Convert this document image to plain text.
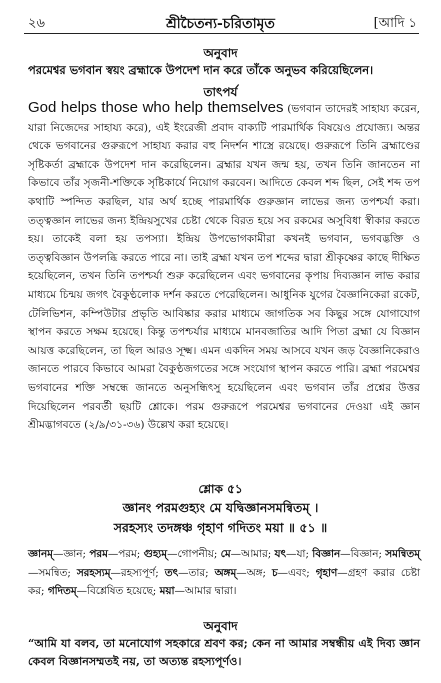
২৬	শ্রীচৈতন্য-চরিতামৃত	[আদি ১
অনুবাদ
পরমেশ্বর ভগবান স্বয়ং ব্রহ্মাকে উপদেশ দান করে তাঁকে অনুভব করিয়েছিলেন।
তাৎপর্য

God helps those who help themselves (ভগবান তাদেরই সাহায্য করেন, যারা নিজেদের সাহায্য করে), এই ইংরেজী প্রবাদ বাক্যটি পারমার্থিক বিষয়েও প্রযোজ্য। অন্তর থেকে ভগবানের গুরুরূপে সাহায্য করার বহু নিদর্শন শাস্ত্রে রয়েছে। গুরুরূপে তিনি ব্রহ্মাণ্ডের সৃষ্টিকর্তা ব্রহ্মাকে উপদেশ দান করেছিলেন। ব্রহ্মার যখন জন্ম হয়, তখন তিনি জানতেন না কিভাবে তাঁর সৃজনী-শক্তিকে সৃষ্টিকার্যে নিয়োগ করবেন। আদিতে কেবল শব্দ ছিল, সেই শব্দ তপ কথাটি স্পন্দিত করছিল, যার অর্থ হচ্ছে পারমার্থিক গুরুজ্ঞান লাভের জন্য তপশ্চর্যা করা। তত্ত্বজ্ঞান লাভের জন্য ইন্দ্রিয়সুখের চেষ্টা থেকে বিরত হয়ে সব রকমের অসুবিধা স্বীকার করতে হয়। তাকেই বলা হয় তপস্যা। ইন্দ্রিয় উপভোগকামীরা কখনই ভগবান, ভগবদ্ভক্তি ও তত্ত্ববিজ্ঞান উপলব্ধি করতে পারে না। তাই ব্রহ্মা যখন তপ শব্দের দ্বারা শ্রীকৃষ্ণের কাছে দীক্ষিত হয়েছিলেন, তখন তিনি তপশ্চর্যা শুরু করেছিলেন এবং ভগবানের কৃপায় দিব্যজ্ঞান লাভ করার মাধ্যমে চিন্ময় জগৎ বৈকুণ্ঠলোক দর্শন করতে পেরেছিলেন। আধুনিক যুগের বৈজ্ঞানিকেরা রকেট, টেলিভিশন, কম্পিউটার প্রভৃতি আবিষ্কার করার মাধ্যমে জাগতিক সব কিছুর সঙ্গে যোগাযোগ স্থাপন করতে সক্ষম হয়েছে। কিন্তু তপশ্চর্যার মাধ্যমে মানবজাতির আদি পিতা ব্রহ্মা যে বিজ্ঞান আয়ত্ত করেছিলেন, তা ছিল আরও সূক্ষ্ম। এমন একদিন সময় আসবে যখন জড় বৈজ্ঞানিকেরাও জানতে পারবে কিভাবে আমরা বৈকুণ্ঠজগতের সঙ্গে সংযোগ স্থাপন করতে পারি। ব্রহ্মা পরমেশ্বর ভগবানের শক্তি সম্বন্ধে জানতে অনুসন্ধিৎসু হয়েছিলেন এবং ভগবান তাঁর প্রশ্নের উত্তর দিয়েছিলেন পরবর্তী ছয়টি শ্লোকে। পরম গুরুরূপে পরমেশ্বর ভগবানের দেওয়া এই জ্ঞান শ্রীমদ্ভাগবতে (২/৯/৩১-৩৬) উল্লেখ করা হয়েছে।

শ্লোক ৫১
জ্ঞানং পরমগুহ্যং মে যদ্বিজ্ঞানসমন্বিতম্ ।
সরহস্যং তদঙ্গঞ্চ গৃহাণ গদিতং ময়া ॥ ৫১ ॥
জ্ঞানম্—জ্ঞান; পরম—পরম; গুহ্যম্—গোপনীয়; মে—আমার; যৎ—যা; বিজ্ঞান—বিজ্ঞান; সমন্বিতম্—সমন্বিত; সরহস্যম্—রহস্যপূর্ণ; তৎ—তার; অঙ্গম্—অঙ্গ; চ—এবং; গৃহাণ—গ্রহণ করার চেষ্টা কর; গদিতম্—বিশ্লেষিত হয়েছে; ময়া—আমার দ্বারা।
অনুবাদ
“আমি যা বলব, তা মনোযোগ সহকারে শ্রবণ কর; কেন না আমার সম্বন্ধীয় এই দিব্য জ্ঞান কেবল বিজ্ঞানসম্মতই নয়, তা অত্যন্ত রহস্যপূর্ণও।
